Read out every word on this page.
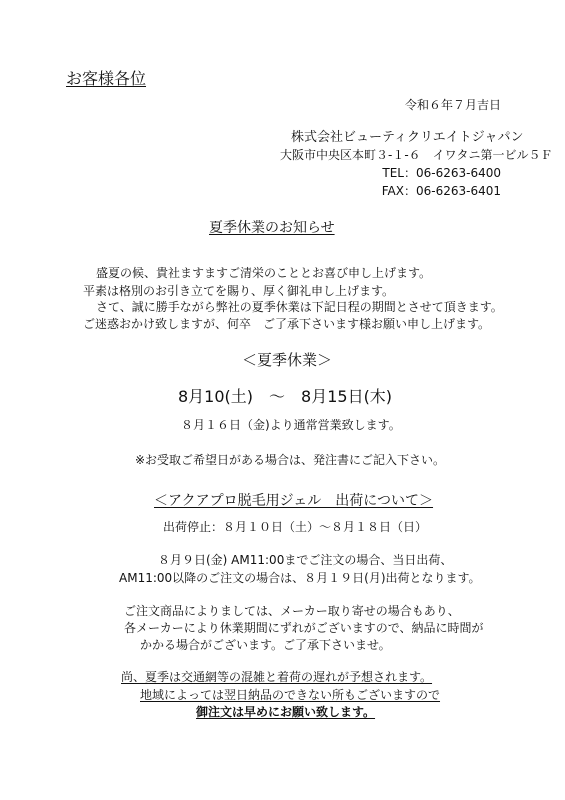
お客様各位
令和６年７月吉日
株式会社ビューティクリエイトジャパン
大阪市中央区本町３-１-６　イワタニ第一ビル５Ｆ
TEL：06-6263-6400
FAX：06-6263-6401
夏季休業のお知らせ
盛夏の候、貴社ますますご清栄のこととお喜び申し上げます。
平素は格別のお引き立てを賜り、厚く御礼申し上げます。
さて、誠に勝手ながら弊社の夏季休業は下記日程の期間とさせて頂きます。
ご迷惑おかけ致しますが、何卒　ご了承下さいます様お願い申し上げます。
＜夏季休業＞
8月10(土)　～　8月15日(木)
８月１６日（金)より通常営業致します。
※お受取ご希望日がある場合は、発注書にご記入下さい。
＜アクアプロ脱毛用ジェル　出荷について＞
出荷停止：８月１０日（土）～８月１８日（日）
８月９日(金) AM11:00までご注文の場合、当日出荷、
AM11:00以降のご注文の場合は、８月１９日(月)出荷となります。
ご注文商品によりましては、メーカー取り寄せの場合もあり、
各メーカーにより休業期間にずれがございますので、納品に時間が
かかる場合がございます。ご了承下さいませ。
尚、夏季は交通網等の混雑と着荷の遅れが予想されます。
地域によっては翌日納品のできない所もございますので
御注文は早めにお願い致します。
